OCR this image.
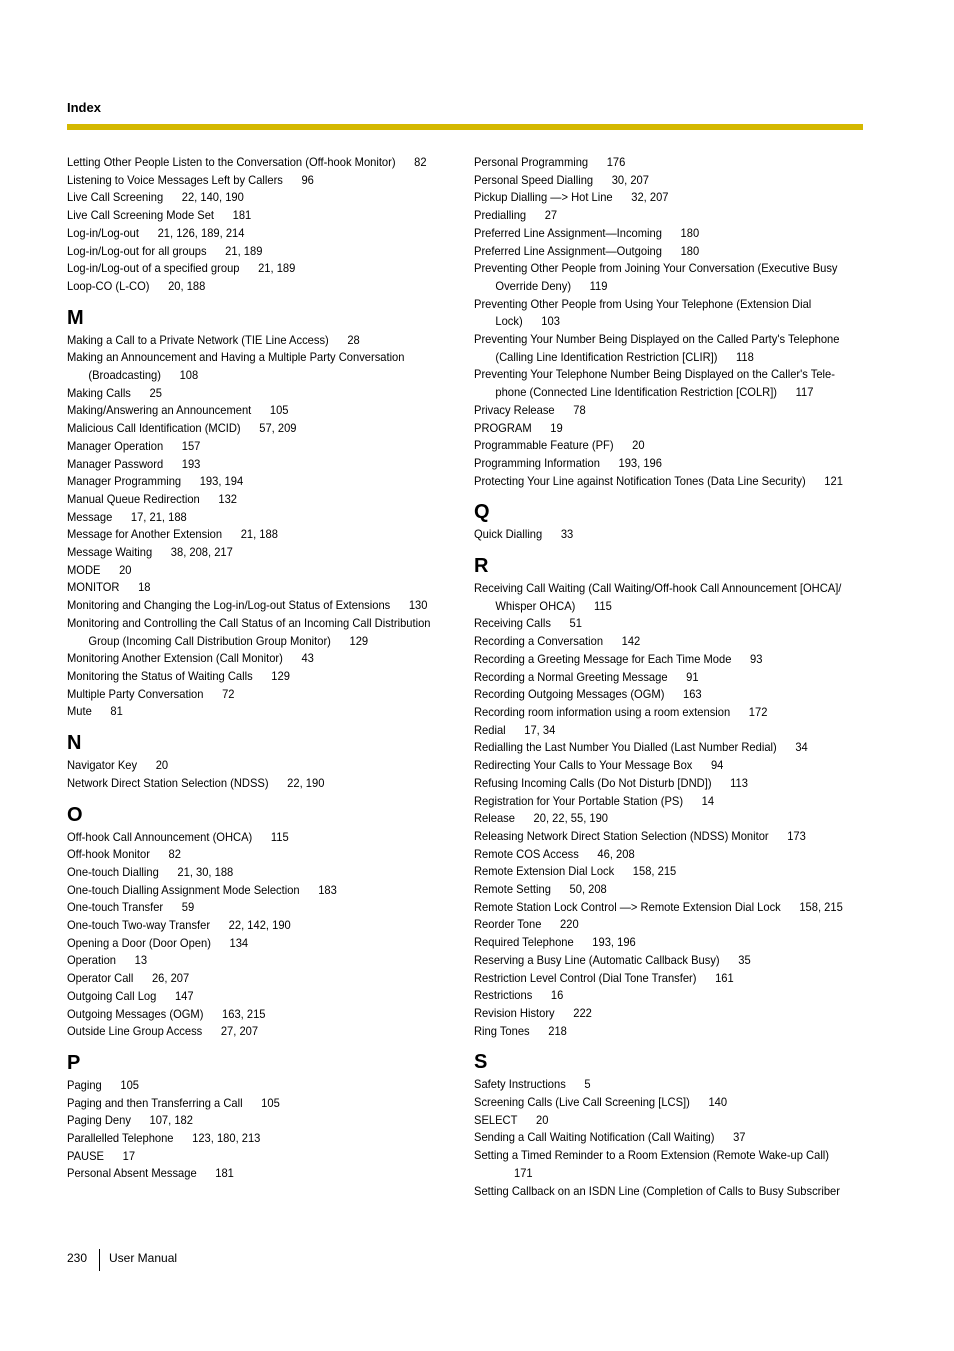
Index
Letting Other People Listen to the Conversation (Off-hook Monitor) 82
Listening to Voice Messages Left by Callers 96
Live Call Screening 22, 140, 190
Live Call Screening Mode Set 181
Log-in/Log-out 21, 126, 189, 214
Log-in/Log-out for all groups 21, 189
Log-in/Log-out of a specified group 21, 189
Loop-CO (L-CO) 20, 188
M
Making a Call to a Private Network (TIE Line Access) 28
Making an Announcement and Having a Multiple Party Conversation
(Broadcasting) 108
Making Calls 25
Making/Answering an Announcement 105
Malicious Call Identification (MCID) 57, 209
Manager Operation 157
Manager Password 193
Manager Programming 193, 194
Manual Queue Redirection 132
Message 17, 21, 188
Message for Another Extension 21, 188
Message Waiting 38, 208, 217
MODE 20
MONITOR 18
Monitoring and Changing the Log-in/Log-out Status of Extensions 130
Monitoring and Controlling the Call Status of an Incoming Call Distribution
Group (Incoming Call Distribution Group Monitor) 129
Monitoring Another Extension (Call Monitor) 43
Monitoring the Status of Waiting Calls 129
Multiple Party Conversation 72
Mute 81
N
Navigator Key 20
Network Direct Station Selection (NDSS) 22, 190
O
Off-hook Call Announcement (OHCA) 115
Off-hook Monitor 82
One-touch Dialling 21, 30, 188
One-touch Dialling Assignment Mode Selection 183
One-touch Transfer 59
One-touch Two-way Transfer 22, 142, 190
Opening a Door (Door Open) 134
Operation 13
Operator Call 26, 207
Outgoing Call Log 147
Outgoing Messages (OGM) 163, 215
Outside Line Group Access 27, 207
P
Paging 105
Paging and then Transferring a Call 105
Paging Deny 107, 182
Parallelled Telephone 123, 180, 213
PAUSE 17
Personal Absent Message 181
Personal Programming 176
Personal Speed Dialling 30, 207
Pickup Dialling —> Hot Line 32, 207
Predialling 27
Preferred Line Assignment—Incoming 180
Preferred Line Assignment—Outgoing 180
Preventing Other People from Joining Your Conversation (Executive Busy
Override Deny) 119
Preventing Other People from Using Your Telephone (Extension Dial
Lock) 103
Preventing Your Number Being Displayed on the Called Party's Telephone
(Calling Line Identification Restriction [CLIR]) 118
Preventing Your Telephone Number Being Displayed on the Caller's Tele-
phone (Connected Line Identification Restriction [COLR]) 117
Privacy Release 78
PROGRAM 19
Programmable Feature (PF) 20
Programming Information 193, 196
Protecting Your Line against Notification Tones (Data Line Security) 121
Q
Quick Dialling 33
R
Receiving Call Waiting (Call Waiting/Off-hook Call Announcement [OHCA]/
Whisper OHCA) 115
Receiving Calls 51
Recording a Conversation 142
Recording a Greeting Message for Each Time Mode 93
Recording a Normal Greeting Message 91
Recording Outgoing Messages (OGM) 163
Recording room information using a room extension 172
Redial 17, 34
Redialling the Last Number You Dialled (Last Number Redial) 34
Redirecting Your Calls to Your Message Box 94
Refusing Incoming Calls (Do Not Disturb [DND]) 113
Registration for Your Portable Station (PS) 14
Release 20, 22, 55, 190
Releasing Network Direct Station Selection (NDSS) Monitor 173
Remote COS Access 46, 208
Remote Extension Dial Lock 158, 215
Remote Setting 50, 208
Remote Station Lock Control —> Remote Extension Dial Lock 158, 215
Reorder Tone 220
Required Telephone 193, 196
Reserving a Busy Line (Automatic Callback Busy) 35
Restriction Level Control (Dial Tone Transfer) 161
Restrictions 16
Revision History 222
Ring Tones 218
S
Safety Instructions 5
Screening Calls (Live Call Screening [LCS]) 140
SELECT 20
Sending a Call Waiting Notification (Call Waiting) 37
Setting a Timed Reminder to a Room Extension (Remote Wake-up Call)
171
Setting Callback on an ISDN Line (Completion of Calls to Busy Subscriber
230 User Manual
